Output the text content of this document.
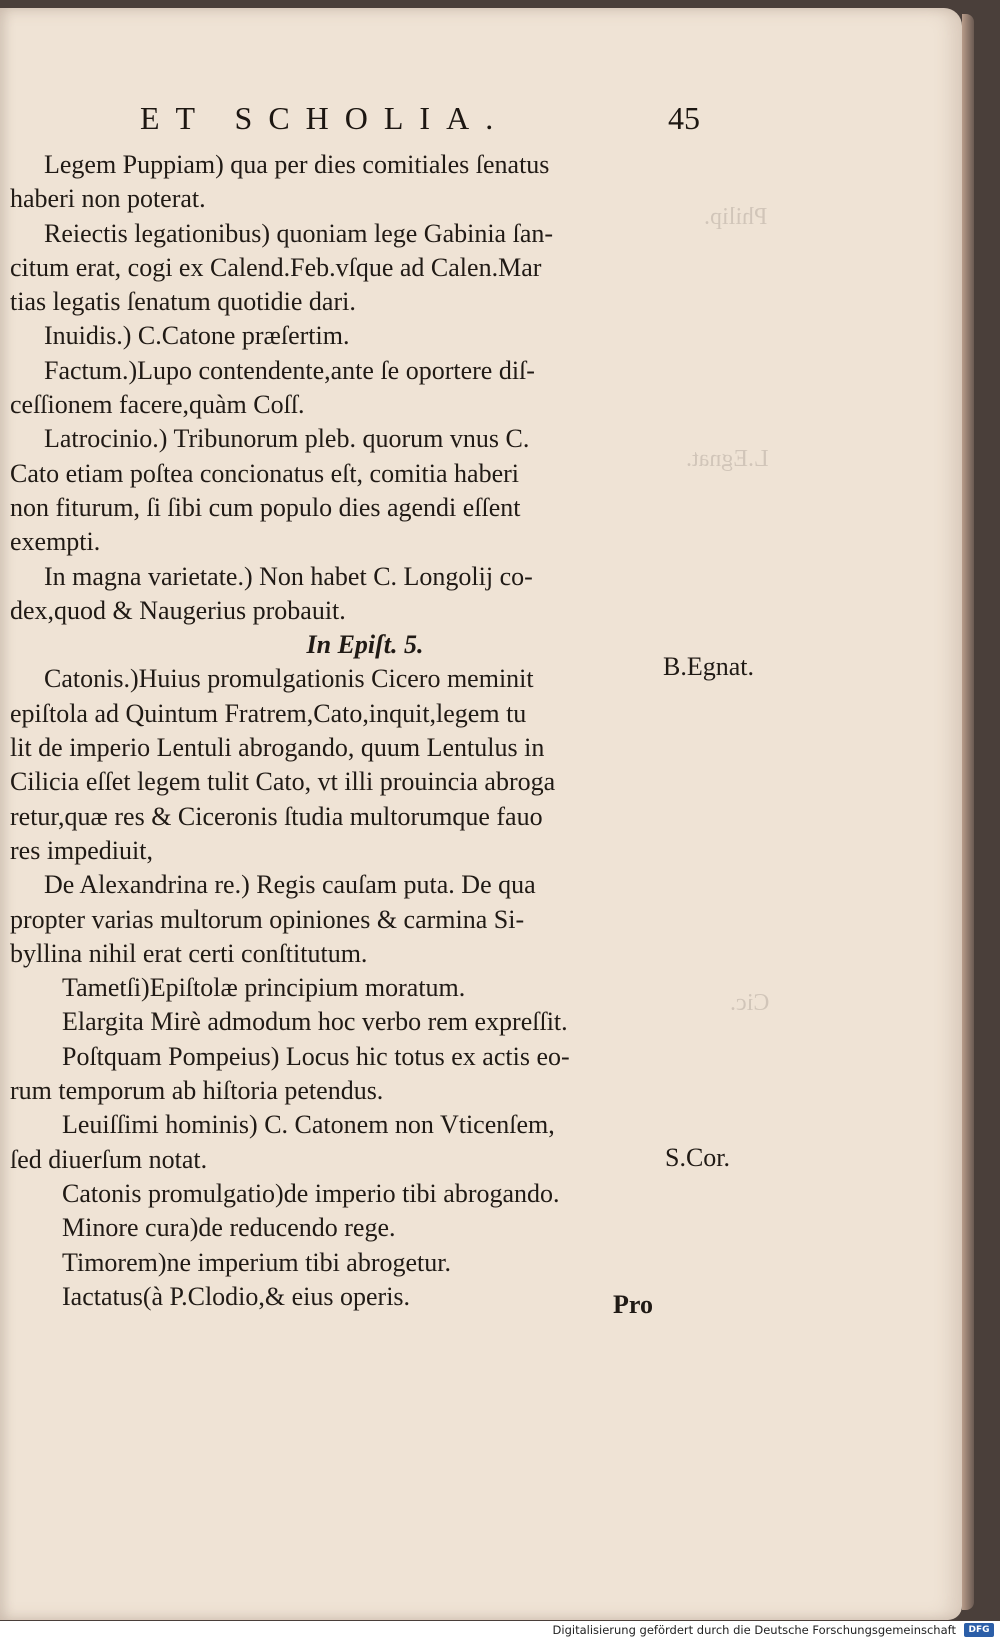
ET SCHOLIA.	45
Legem Puppiam) qua per dies comitiales ſenatus
haberi non poterat.
Reiectis legationibus) quoniam lege Gabinia ſan-
citum erat, cogi ex Calend.Feb.vſque ad Calen.Mar
tias legatis ſenatum quotidie dari.
Inuidis.) C.Catone præſertim.
Factum.)Lupo contendente,ante ſe oportere diſ-
ceſſionem facere,quàm Coſſ.
Latrocinio.) Tribunorum pleb. quorum vnus C.
Cato etiam poſtea concionatus eſt, comitia haberi
non fiturum, ſi ſibi cum populo dies agendi eſſent
exempti.
In magna varietate.) Non habet C. Longolij co-
dex,quod & Naugerius probauit.
In Epiſt. 5.
Catonis.)Huius promulgationis Cicero meminit
epiſtola ad Quintum Fratrem,Cato,inquit,legem tu
lit de imperio Lentuli abrogando, quum Lentulus in
Cilicia eſſet legem tulit Cato, vt illi prouincia abroga
retur,quæ res & Ciceronis ſtudia multorumque fauo
res impediuit,
De Alexandrina re.) Regis cauſam puta. De qua
propter varias multorum opiniones & carmina Si-
byllina nihil erat certi conſtitutum.
Tametſi)Epiſtolæ principium moratum.
Elargita Mirè admodum hoc verbo rem expreſſit.
Poſtquam Pompeius) Locus hic totus ex actis eo-
rum temporum ab hiſtoria petendus.
Leuiſſimi hominis) C. Catonem non Vticenſem,
ſed diuerſum notat.
Catonis promulgatio)de imperio tibi abrogando.
Minore cura)de reducendo rege.
Timorem)ne imperium tibi abrogetur.
Iactatus(à P.Clodio,& eius operis.
B.Egnat.
S.Cor.
Pro
Philip.
L.Egnat.
Cic.
Digitalisierung gefördert durch die Deutsche Forschungsgemeinschaft	DFG
